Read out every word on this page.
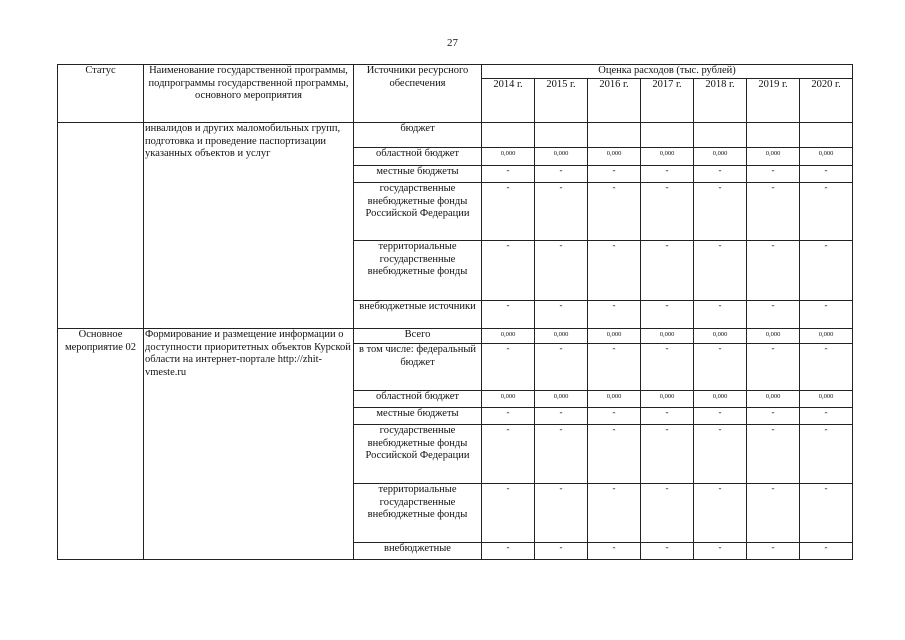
27
Статус	Наименование государственной программы, подпрограммы государственной программы, основного мероприятия	Источники ресурсного обеспечения	Оценка расходов (тыс. рублей)						
			2014 г.	2015 г.	2016 г.	2017 г.	2018 г.	2019 г.	2020 г.
	инвалидов и других маломобильных групп, подготовка и проведение паспортизации указанных объектов и услуг	бюджет							
		областной бюджет	0,000	0,000	0,000	0,000	0,000	0,000	0,000
		местные бюджеты	-	-	-	-	-	-	-
		государственные внебюджетные фонды Российской Федерации	-	-	-	-	-	-	-
		территориальные государственные внебюджетные фонды	-	-	-	-	-	-	-
		внебюджетные источники	-	-	-	-	-	-	-
Основное мероприятие 02	Формирование и размещение информации о доступности приоритетных объектов Курской области на интернет-портале http://zhit-vmeste.ru	Всего	0,000	0,000	0,000	0,000	0,000	0,000	0,000
		в том числе: федеральный бюджет	-	-	-	-	-	-	-
		областной бюджет	0,000	0,000	0,000	0,000	0,000	0,000	0,000
		местные бюджеты	-	-	-	-	-	-	-
		государственные внебюджетные фонды Российской Федерации	-	-	-	-	-	-	-
		территориальные государственные внебюджетные фонды	-	-	-	-	-	-	-
		внебюджетные	-	-	-	-	-	-	-
